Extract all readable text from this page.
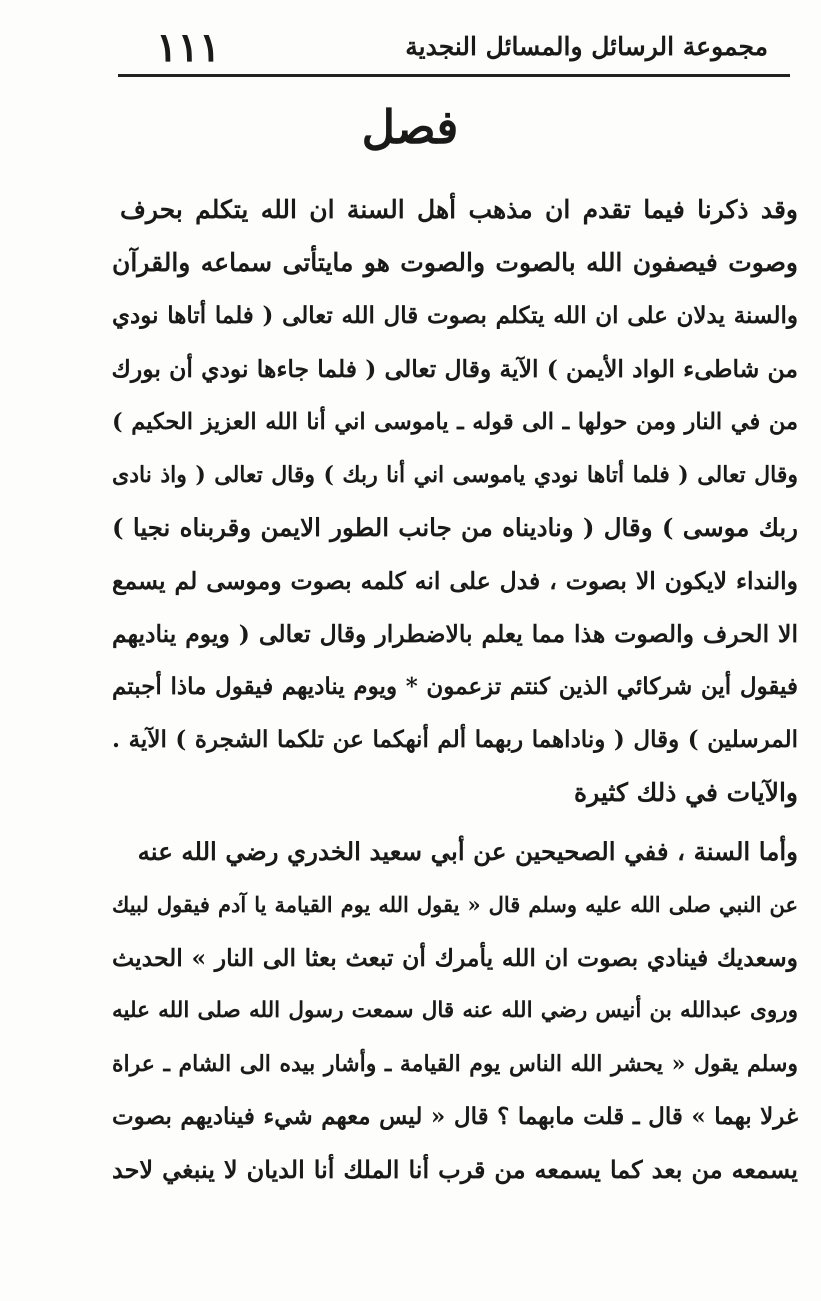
مجموعة الرسائل والمسائل النجدية
١١١
فصل
وقد ذكرنا فيما تقدم ان مذهب أهل السنة ان الله يتكلم بحرف
وصوت فيصفون الله بالصوت والصوت هو مايتأتى سماعه والقرآن
والسنة يدلان على ان الله يتكلم بصوت قال الله تعالى ( فلما أتاها نودي
من شاطىء الواد الأيمن ) الآية وقال تعالى ( فلما جاءها نودي أن بورك
من في النار ومن حولها ـ الى قوله ـ ياموسى اني أنا الله العزيز الحكيم )
وقال تعالى ( فلما أتاها نودي ياموسى اني أنا ربك ) وقال تعالى ( واذ نادى
ربك موسى ) وقال ( وناديناه من جانب الطور الايمن وقربناه نجيا )
والنداء لايكون الا بصوت ، فدل على انه كلمه بصوت وموسى لم يسمع
الا الحرف والصوت هذا مما يعلم بالاضطرار وقال تعالى ( ويوم يناديهم
فيقول أين شركائي الذين كنتم تزعمون * ويوم يناديهم فيقول ماذا أجبتم
المرسلين ) وقال ( وناداهما ربهما ألم أنهكما عن تلكما الشجرة ) الآية .
والآيات في ذلك كثيرة
وأما السنة ، ففي الصحيحين عن أبي سعيد الخدري رضي الله عنه
عن النبي صلى الله عليه وسلم قال « يقول الله يوم القيامة يا آدم فيقول لبيك
وسعديك فينادي بصوت ان الله يأمرك أن تبعث بعثا الى النار » الحديث
وروى عبدالله بن أنيس رضي الله عنه قال سمعت رسول الله صلى الله عليه
وسلم يقول « يحشر الله الناس يوم القيامة ـ وأشار بيده الى الشام ـ عراة
غرلا بهما » قال ـ قلت مابهما ؟ قال « ليس معهم شيء فيناديهم بصوت
يسمعه من بعد كما يسمعه من قرب أنا الملك أنا الديان لا ينبغي لاحد
